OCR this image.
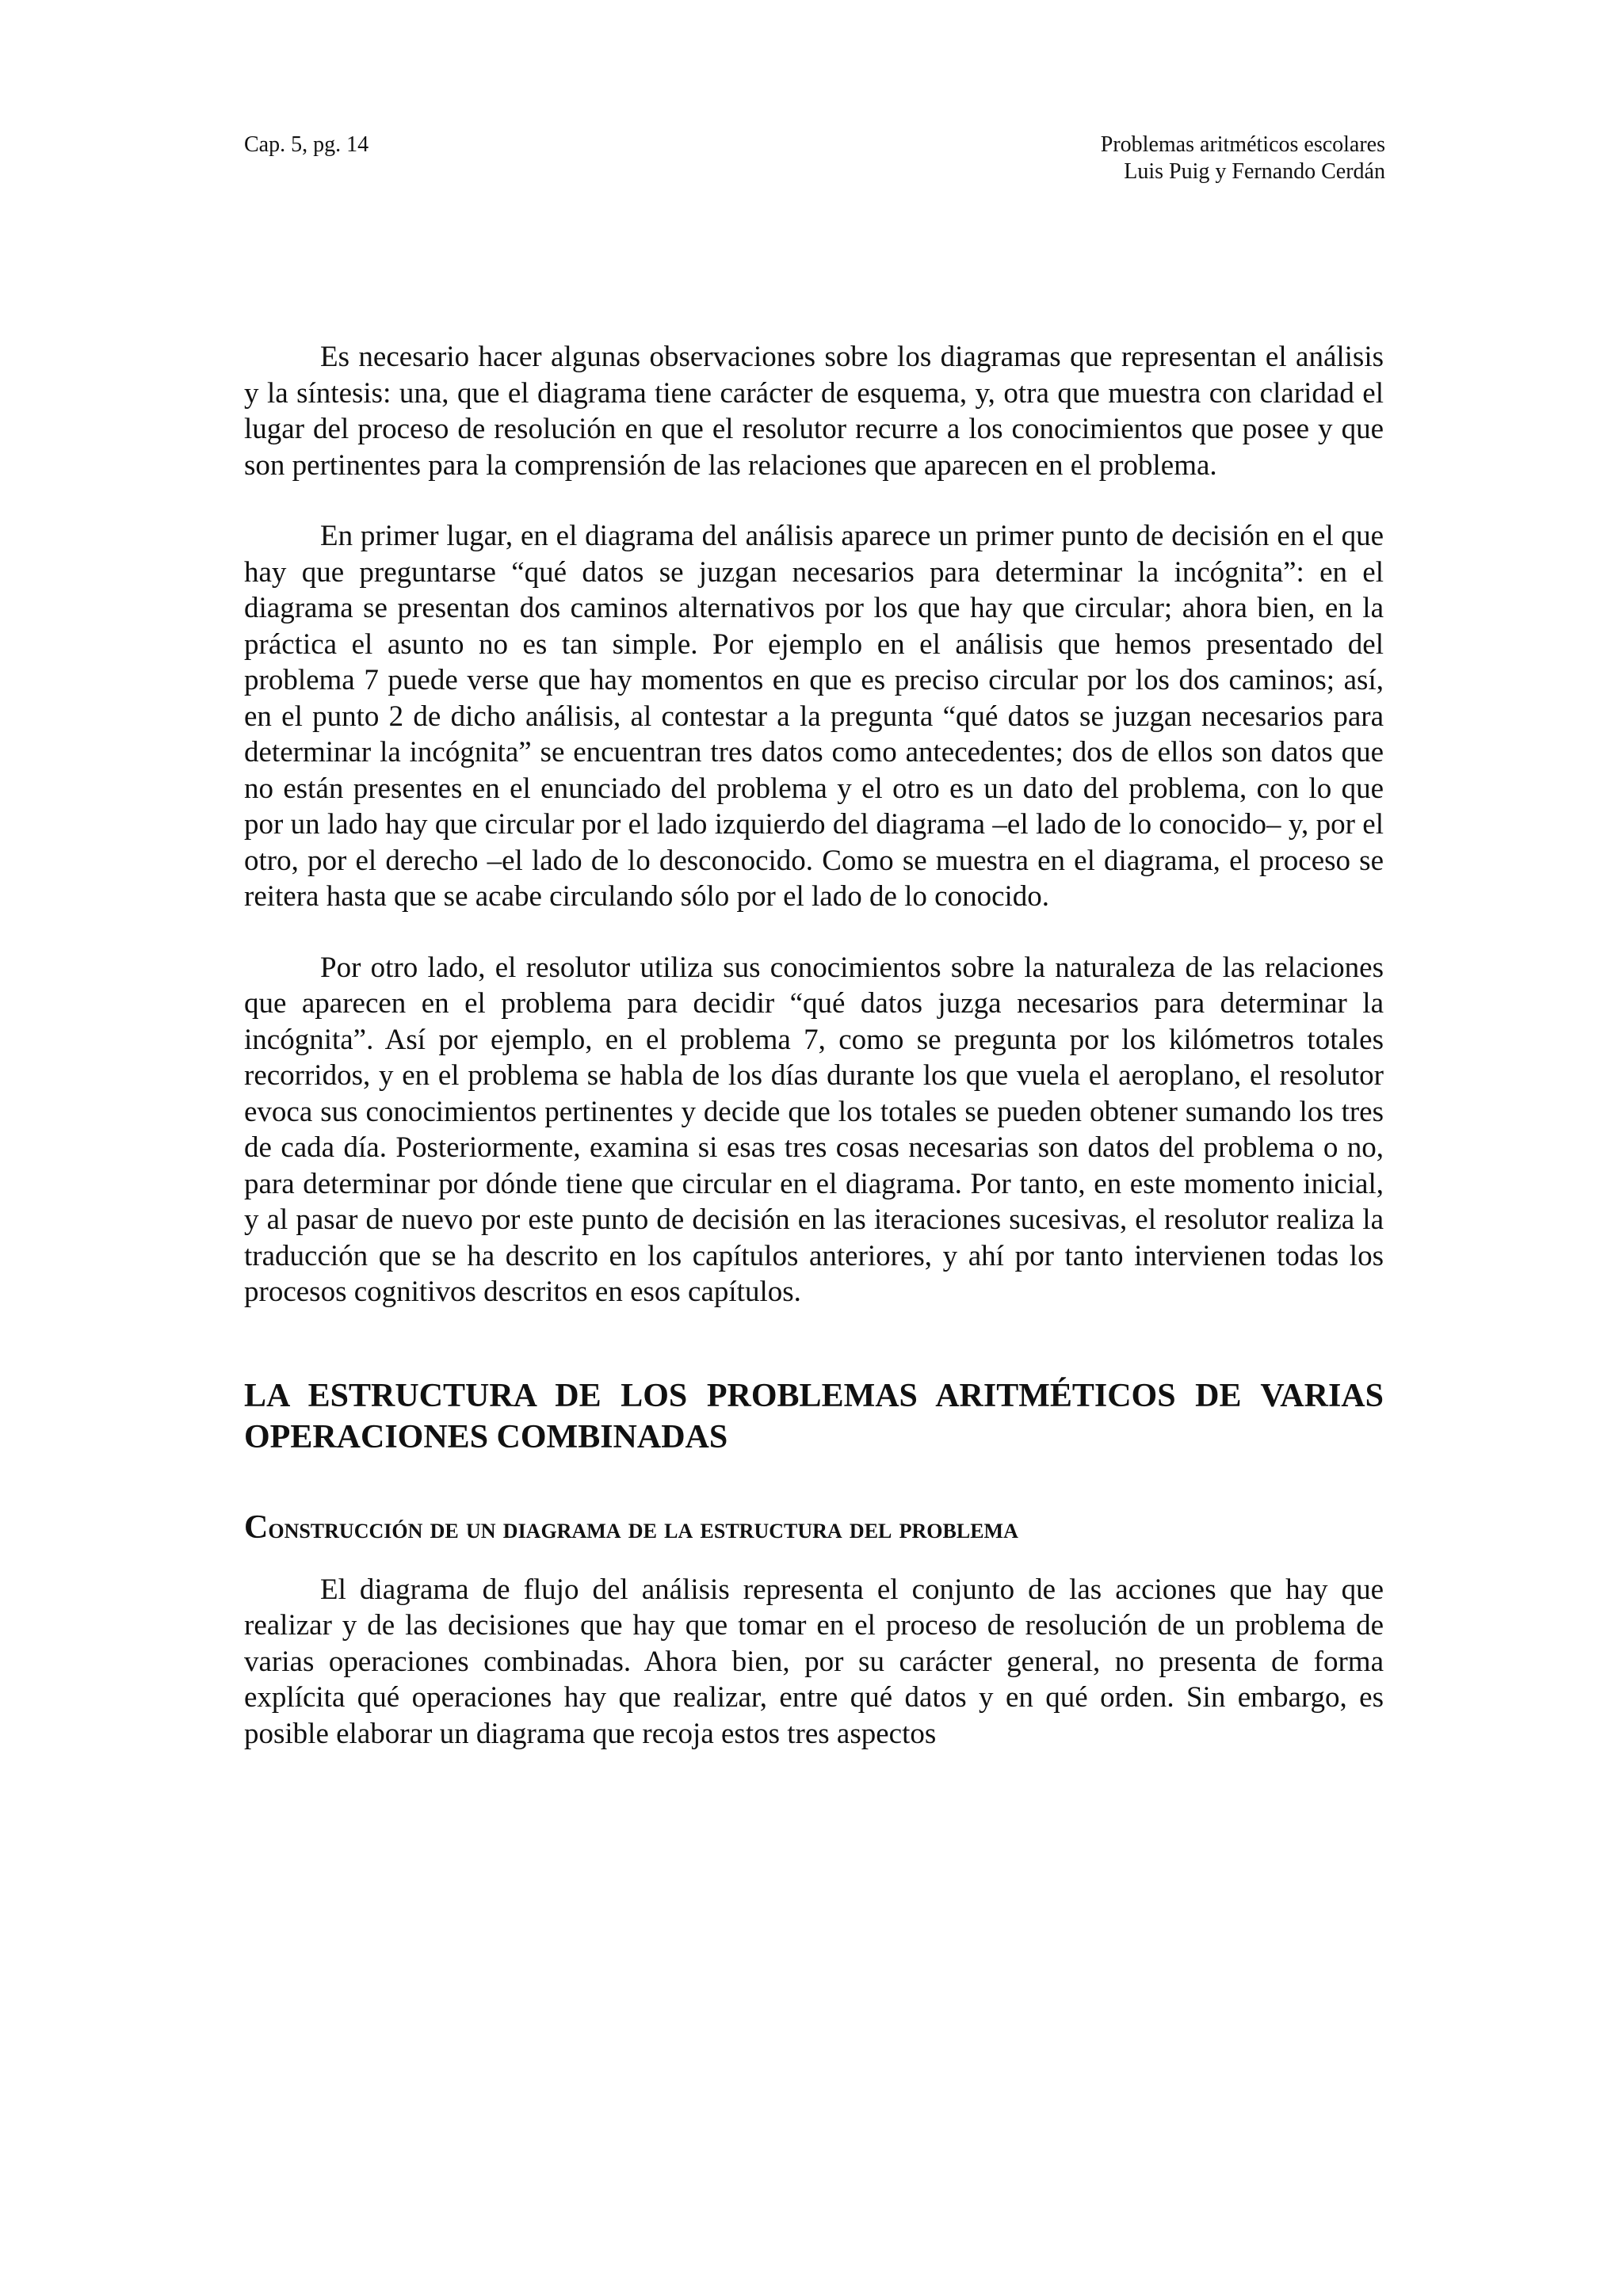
Cap. 5, pg. 14	Problemas aritméticos escolares
Luis Puig y Fernando Cerdán

Es necesario hacer algunas observaciones sobre los diagramas que representan el análisis y la síntesis: una, que el diagrama tiene carácter de esquema, y, otra que muestra con claridad el lugar del proceso de resolución en que el resolutor recurre a los conocimientos que posee y que son pertinentes para la comprensión de las relaciones que aparecen en el problema.

En primer lugar, en el diagrama del análisis aparece un primer punto de decisión en el que hay que preguntarse “qué datos se juzgan necesarios para determinar la incógnita”: en el diagrama se presentan dos caminos alternativos por los que hay que circular; ahora bien, en la práctica el asunto no es tan simple. Por ejemplo en el análisis que hemos presentado del problema 7 puede verse que hay momentos en que es preciso circular por los dos caminos; así, en el punto 2 de dicho análisis, al contestar a la pregunta “qué datos se juzgan necesarios para determinar la incógnita” se encuentran tres datos como antecedentes; dos de ellos son datos que no están presentes en el enunciado del problema y el otro es un dato del problema, con lo que por un lado hay que circular por el lado izquierdo del diagrama –el lado de lo conocido– y, por el otro, por el derecho –el lado de lo desconocido. Como se muestra en el diagrama, el proceso se reitera hasta que se acabe circulando sólo por el lado de lo conocido.

Por otro lado, el resolutor utiliza sus conocimientos sobre la naturaleza de las relaciones que aparecen en el problema para decidir “qué datos juzga necesarios para determinar la incógnita”. Así por ejemplo, en el problema 7, como se pregunta por los kilómetros totales recorridos, y en el problema se habla de los días durante los que vuela el aeroplano, el resolutor evoca sus conocimientos pertinentes y decide que los totales se pueden obtener sumando los tres de cada día. Posteriormente, examina si esas tres cosas necesarias son datos del problema o no, para determinar por dónde tiene que circular en el diagrama. Por tanto, en este momento inicial, y al pasar de nuevo por este punto de decisión en las iteraciones sucesivas, el resolutor realiza la traducción que se ha descrito en los capítulos anteriores, y ahí por tanto intervienen todas los procesos cognitivos descritos en esos capítulos.

LA ESTRUCTURA DE LOS PROBLEMAS ARITMÉTICOS DE VARIAS OPERACIONES COMBINADAS
Construcción de un diagrama de la estructura del problema

El diagrama de flujo del análisis representa el conjunto de las acciones que hay que realizar y de las decisiones que hay que tomar en el proceso de resolución de un problema de varias operaciones combinadas. Ahora bien, por su carácter general, no presenta de forma explícita qué operaciones hay que realizar, entre qué datos y en qué orden. Sin embargo, es posible elaborar un diagrama que recoja estos tres aspectos
